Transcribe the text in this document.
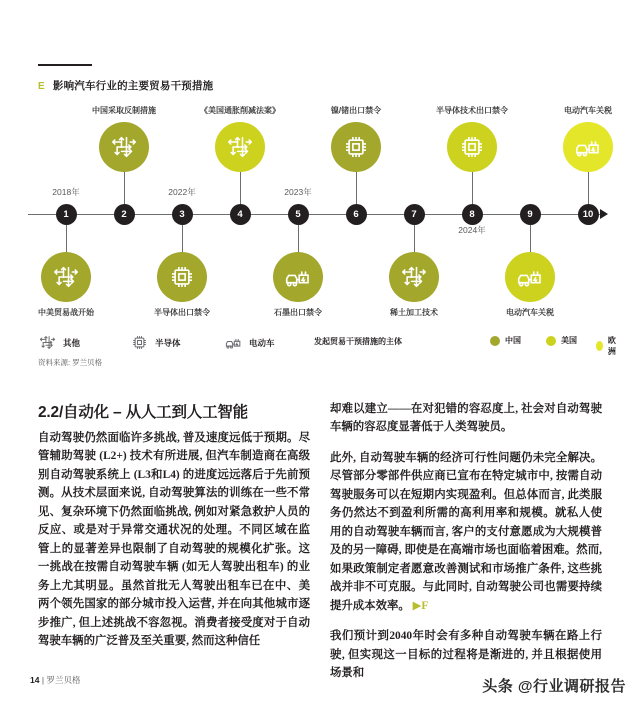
E 影响汽车行业的主要贸易干预措施
1
中美贸易战开始
2018年
2
中国采取反制措施
3
半导体出口禁令
2022年
4
《美国通胀削减法案》
5
石墨出口禁令
2023年
6
镍/锗出口禁令
7
稀土加工技术
8
半导体技术出口禁令
2024年
9
电动汽车关税
10
电动汽车关税
发起贸易干预措施的主体
其他	半导体	电动车	中国	美国	欧洲
资料来源: 罗兰贝格
2.2/自动化 – 从人工到人工智能

自动驾驶仍然面临许多挑战, 普及速度远低于预期。尽管辅助驾驶 (L2+) 技术有所进展, 但汽车制造商在高级别自动驾驶系统上 (L3和L4) 的进度远远落后于先前预测。从技术层面来说, 自动驾驶算法的训练在一些不常见、复杂环境下仍然面临挑战, 例如对紧急救护人员的反应、或是对于异常交通状况的处理。不同区域在监管上的显著差异也限制了自动驾驶的规模化扩张。这一挑战在按需自动驾驶车辆 (如无人驾驶出租车) 的业务上尤其明显。虽然首批无人驾驶出租车已在中、美两个领先国家的部分城市投入运营, 并在向其他城市逐步推广, 但上述挑战不容忽视。消费者接受度对于自动驾驶车辆的广泛普及至关重要, 然而这种信任

却难以建立——在对犯错的容忍度上, 社会对自动驾驶车辆的容忍度显著低于人类驾驶员。

此外, 自动驾驶车辆的经济可行性问题仍未完全解决。尽管部分零部件供应商已宣布在特定城市中, 按需自动驾驶服务可以在短期内实现盈利。但总体而言, 此类服务仍然达不到盈利所需的高利用率和规模。就私人使用的自动驾驶车辆而言, 客户的支付意愿成为大规模普及的另一障碍, 即使是在高端市场也面临着困难。然而, 如果政策制定者愿意改善测试和市场推广条件, 这些挑战并非不可克服。与此同时, 自动驾驶公司也需要持续提升成本效率。 ▶F

我们预计到2040年时会有多种自动驾驶车辆在路上行驶, 但实现这一目标的过程将是渐进的, 并且根据使用场景和

14 | 罗兰贝格	头条 @行业调研报告
